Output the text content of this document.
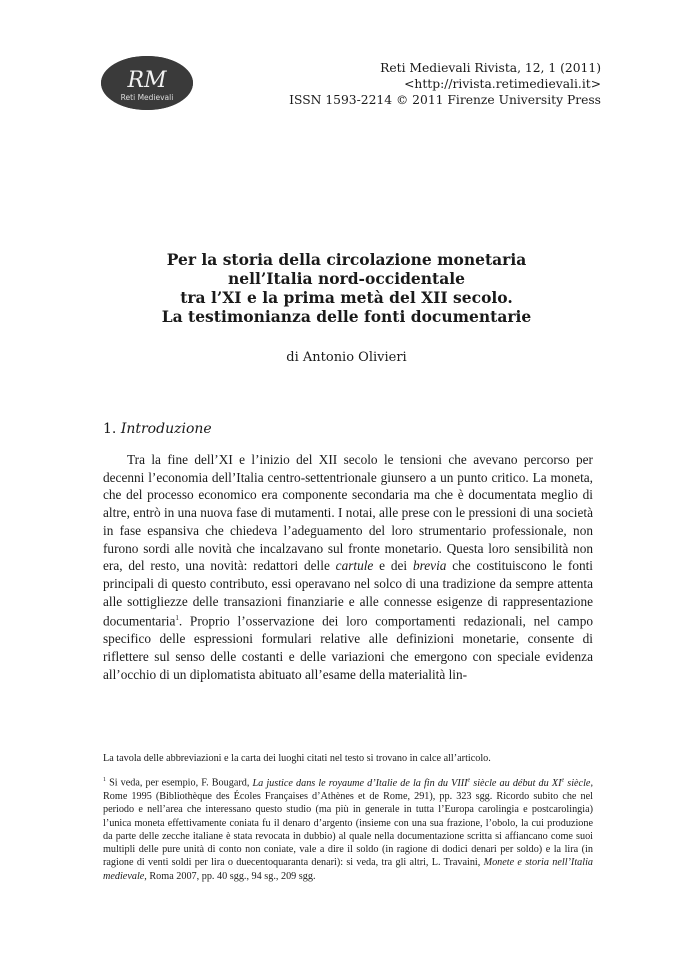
RM
Reti Medievali
Reti Medievali Rivista, 12, 1 (2011)
<http://rivista.retimedievali.it>
ISSN 1593-2214 © 2011 Firenze University Press
Per la storia della circolazione monetaria
nell’Italia nord-occidentale
tra l’XI e la prima metà del XII secolo.
La testimonianza delle fonti documentarie
di Antonio Olivieri
1. Introduzione

Tra la fine dell’XI e l’inizio del XII secolo le tensioni che avevano percorso per decenni l’economia dell’Italia centro-settentrionale giunsero a un punto critico. La moneta, che del processo economico era componente secondaria ma che è documentata meglio di altre, entrò in una nuova fase di mutamenti. I notai, alle prese con le pressioni di una società in fase espansiva che chiedeva l’adeguamento del loro strumentario professionale, non furono sordi alle novità che incalzavano sul fronte monetario. Questa loro sensibilità non era, del resto, una novità: redattori delle cartule e dei brevia che costituiscono le fonti principali di questo contributo, essi operavano nel solco di una tradizione da sempre attenta alle sottigliezze delle transazioni finanziarie e alle connesse esigenze di rappresentazione documentaria$^1$. Proprio l’osservazione dei loro comportamenti redazionali, nel campo specifico delle espressioni formulari relative alle definizioni monetarie, consente di riflettere sul senso delle costanti e delle variazioni che emergono con speciale evidenza all’occhio di un diplomatista abituato all’esame della materialità lin-

La tavola delle abbreviazioni e la carta dei luoghi citati nel testo si trovano in calce all’articolo.

$^1$ Si veda, per esempio, F. Bougard, La justice dans le royaume d’Italie de la fin du VIIIe siècle au début du XIe siècle, Rome 1995 (Bibliothèque des Écoles Françaises d’Athènes et de Rome, 291), pp. 323 sgg. Ricordo subito che nel periodo e nell’area che interessano questo studio (ma più in generale in tutta l’Europa carolingia e postcarolingia) l’unica moneta effettivamente coniata fu il denaro d’argento (insieme con una sua frazione, l’obolo, la cui produzione da parte delle zecche italiane è stata revocata in dubbio) al quale nella documentazione scritta si affiancano come suoi multipli delle pure unità di conto non coniate, vale a dire il soldo (in ragione di dodici denari per soldo) e la lira (in ragione di venti soldi per lira o duecentoquaranta denari): si veda, tra gli altri, L. Travaini, Monete e storia nell’Italia medievale, Roma 2007, pp. 40 sgg., 94 sg., 209 sgg.
